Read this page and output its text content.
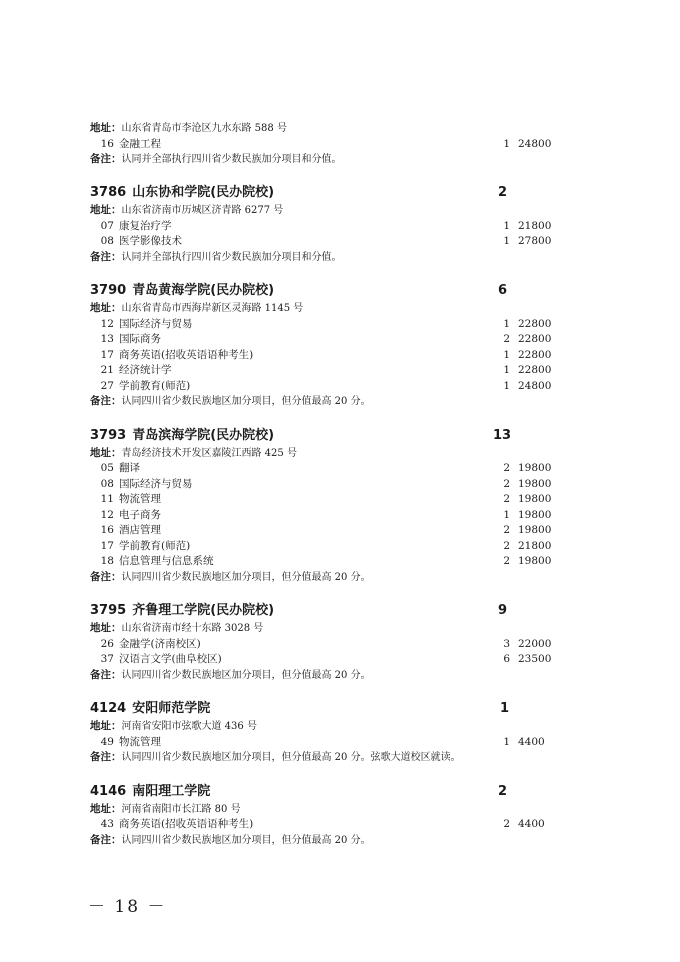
地址：山东省青岛市李沧区九水东路 588 号
16 金融工程	1 24800
备注：认同并全部执行四川省少数民族加分项目和分值。
3786 山东协和学院(民办院校)	2
地址：山东省济南市历城区济青路 6277 号
07 康复治疗学	1 21800
08 医学影像技术	1 27800
备注：认同并全部执行四川省少数民族加分项目和分值。
3790 青岛黄海学院(民办院校)	6
地址：山东省青岛市西海岸新区灵海路 1145 号
12 国际经济与贸易	1 22800
13 国际商务	2 22800
17 商务英语(招收英语语种考生)	1 22800
21 经济统计学	1 22800
27 学前教育(师范)	1 24800
备注：认同四川省少数民族地区加分项目，但分值最高 20 分。
3793 青岛滨海学院(民办院校)	13
地址：青岛经济技术开发区嘉陵江西路 425 号
05 翻译	2 19800
08 国际经济与贸易	2 19800
11 物流管理	2 19800
12 电子商务	1 19800
16 酒店管理	2 19800
17 学前教育(师范)	2 21800
18 信息管理与信息系统	2 19800
备注：认同四川省少数民族地区加分项目，但分值最高 20 分。
3795 齐鲁理工学院(民办院校)	9
地址：山东省济南市经十东路 3028 号
26 金融学(济南校区)	3 22000
37 汉语言文学(曲阜校区)	6 23500
备注：认同四川省少数民族地区加分项目，但分值最高 20 分。
4124 安阳师范学院	1
地址：河南省安阳市弦歌大道 436 号
49 物流管理	1 4400
备注：认同四川省少数民族地区加分项目，但分值最高 20 分。弦歌大道校区就读。
4146 南阳理工学院	2
地址：河南省南阳市长江路 80 号
43 商务英语(招收英语语种考生)	2 4400
备注：认同四川省少数民族地区加分项目，但分值最高 20 分。
－ 18 －
